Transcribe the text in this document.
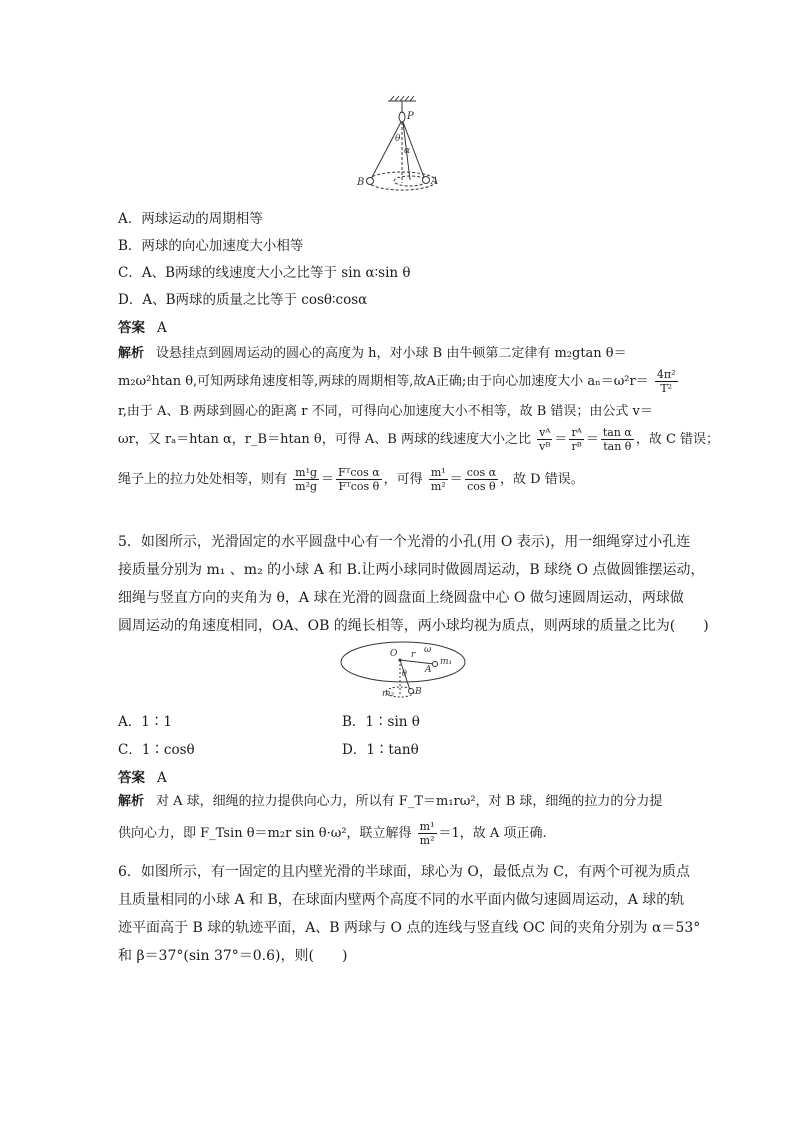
P
θ
α
B	A
A．两球运动的周期相等
B．两球的向心加速度大小相等
C．A、B两球的线速度大小之比等于 sin α∶sin θ
D．A、B两球的质量之比等于 cosθ∶cosα
答案 A
解析 设悬挂点到圆周运动的圆心的高度为 h，对小球 B 由牛顿第二定律有 m₂gtan θ＝
m₂ω²htan θ,可知两球角速度相等,两球的周期相等,故A正确;由于向心加速度大小 $a_n=\omega^2r= \frac{\text{4π²}}{\text{T²}}$
r,由于 A、B 两球到圆心的距离 r 不同，可得向心加速度大小不相等，故 B 错误；由公式 v＝
ωr，又 rₐ＝htan α，r_B＝htan θ，可得 A、B 两球的线速度大小之比 $\frac{\text{vᴬ}}{\text{vᴮ}} = \frac{\text{rᴬ}}{\text{rᴮ}} = \frac{\text{tan α}}{\text{tan θ}}$ ，故 C 错误；
绳子上的拉力处处相等，则有 $\frac{\text{m¹g}}{\text{m²g}} = \frac{\text{Fᵀcos α}}{\text{Fᵀcos θ}}$ ，可得 $\frac{\text{m¹}}{\text{m²}} = \frac{\text{cos α}}{\text{cos θ}}$ ，故 D 错误。
5．如图所示，光滑固定的水平圆盘中心有一个光滑的小孔(用 O 表示)，用一细绳穿过小孔连
接质量分别为 m₁ 、m₂ 的小球 A 和 B.让两小球同时做圆周运动，B 球绕 O 点做圆锥摆运动，
细绳与竖直方向的夹角为 θ，A 球在光滑的圆盘面上绕圆盘中心 O 做匀速圆周运动，两球做
圆周运动的角速度相同，OA、OB 的绳长相等，两小球均视为质点，则两球的质量之比为(　　)
O r ω
A
m₁
θ
m₂ B
A．1∶1	B．1∶sin θ
C．1∶cosθ	D．1∶tanθ
答案 A
解析 对 A 球，细绳的拉力提供向心力，所以有 F_T＝m₁rω²，对 B 球，细绳的拉力的分力提
供向心力，即 F_Tsin θ＝m₂r sin θ·ω²，联立解得 $\frac{\text{m¹}}{\text{m²}} =1$，故 A 项正确.
6．如图所示，有一固定的且内壁光滑的半球面，球心为 O，最低点为 C，有两个可视为质点
且质量相同的小球 A 和 B，在球面内壁两个高度不同的水平面内做匀速圆周运动，A 球的轨
迹平面高于 B 球的轨迹平面，A、B 两球与 O 点的连线与竖直线 OC 间的夹角分别为 α＝53°
和 β＝37°(sin 37°＝0.6)，则(　　)
